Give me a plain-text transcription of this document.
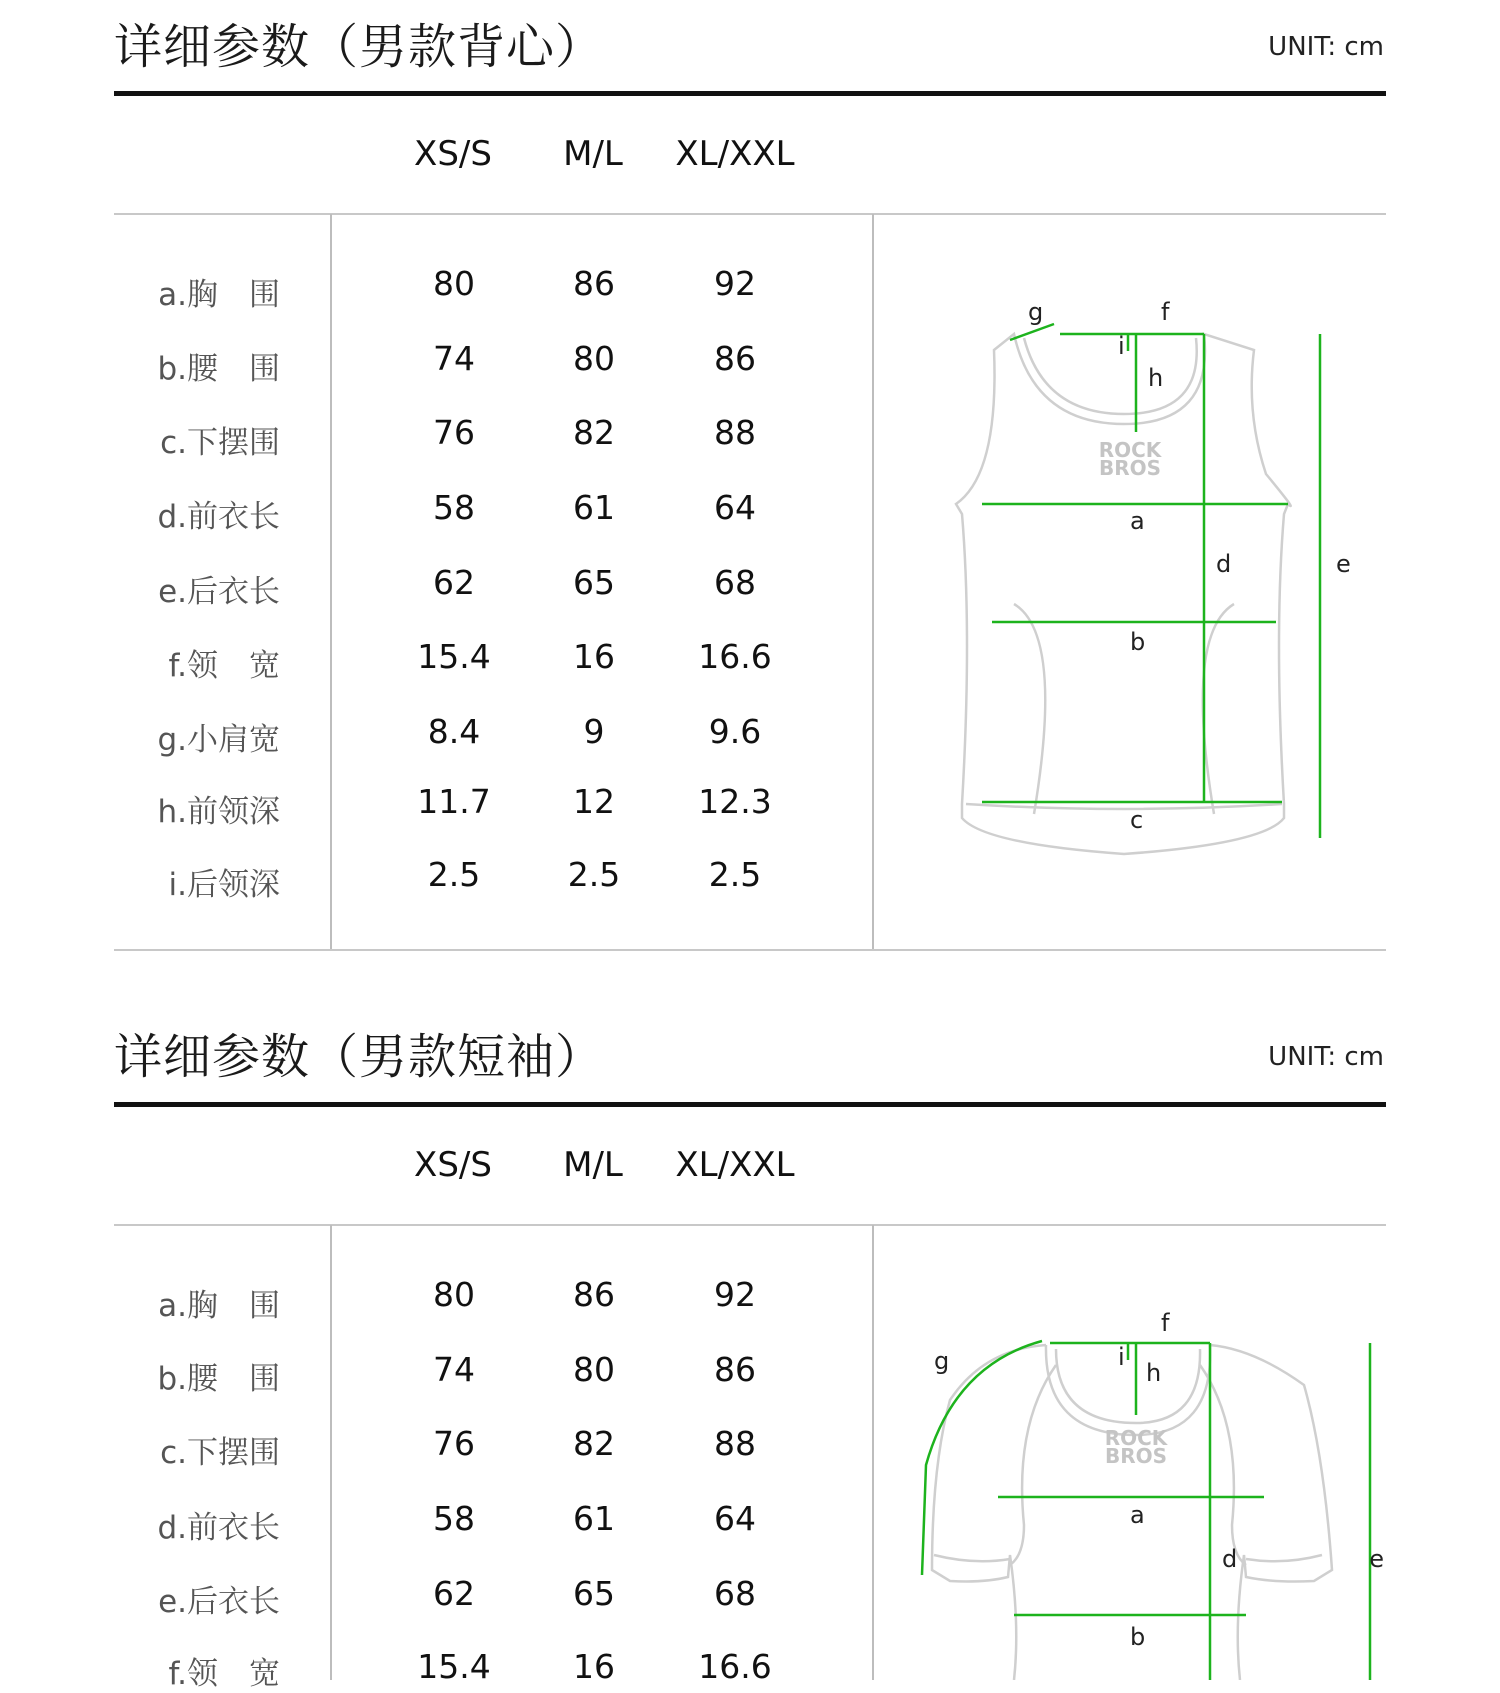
详细参数（男款背心）	UNIT: cm
XS/S	M/L	XL/XXL
a.胸　围	80	86	92
b.腰　围	74	80	86
c.下摆围	76	82	88
d.前衣长	58	61	64
e.后衣长	62	65	68
f.领　宽	15.4	16	16.6
g.小肩宽	8.4	9	9.6
h.前领深	11.7	12	12.3
i.后领深	2.5	2.5	2.5
ROCK
BROS
g	f
i
h
a
d	e
b
c
详细参数（男款短袖）	UNIT: cm
XS/S	M/L	XL/XXL
a.胸　围	80	86	92
b.腰　围	74	80	86
c.下摆围	76	82	88
d.前衣长	58	61	64
e.后衣长	62	65	68
f.领　宽	15.4	16	16.6
ROCK
BROS
g
f
i
h
a
d	e
b
